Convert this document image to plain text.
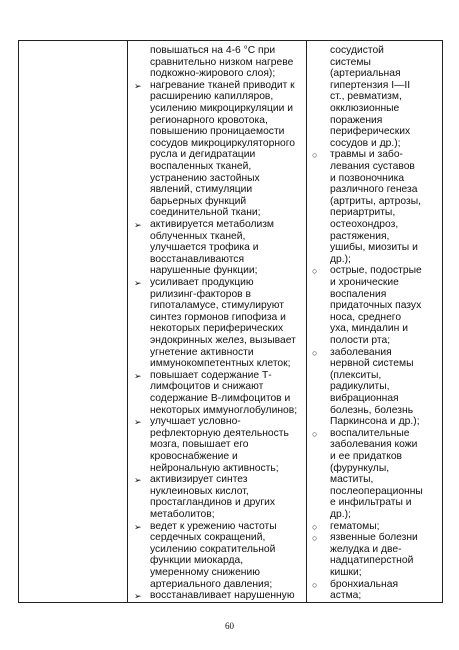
повышаться на 4-6 °С при
сравнительно низком нагреве
подкожно-жирового слоя);
➢ нагревание тканей приводит к
расширению капилляров,
усилению микроциркуляции и
регионарного кровотока,
повышению проницаемости
сосудов микроциркуляторного
русла и дегидратации
воспаленных тканей,
устранению застойных
явлений, стимуляции
барьерных функций
соединительной ткани;
➢ активируется метаболизм
облученных тканей,
улучшается трофика и
восстанавливаются
нарушенные функции;
➢ усиливает продукцию
рилизинг-факторов в
гипоталамусе, стимулируют
синтез гормонов гипофиза и
некоторых периферических
эндокринных желез, вызывает
угнетение активности
иммунокомпетентных клеток;
➢ повышает содержание Т-
лимфоцитов и снижают
содержание В-лимфоцитов и
некоторых иммуноглобулинов;
➢ улучшает условно-
рефлекторную деятельность
мозга, повышает его
кровоснабжение и
нейрональную активность;
➢ активизирует синтез
нуклеиновых кислот,
простагландинов и других
метаболитов;
➢ ведет к урежению частоты
сердечных сокращений,
усилению сократительной
функции миокарда,
умеренному снижению
артериального давления;
➢ восстанавливает нарушенную
сосудистой
системы
(артериальная
гипертензия I—II
ст., ревматизм,
окклюзионные
поражения
периферических
сосудов и др.);
○ травмы и забо-
левания суставов
и позвоночника
различного генеза
(артриты, артрозы,
периартриты,
остеохондроз,
растяжения,
ушибы, миозиты и
др.);
○ острые, подострые
и хронические
воспаления
придаточных пазух
носа, среднего
уха, миндалин и
полости рта;
○ заболевания
нервной системы
(плекситы,
радикулиты,
вибрационная
болезнь, болезнь
Паркинсона и др.);
○ воспалительные
заболевания кожи
и ее придатков
(фурункулы,
маститы,
послеоперационны
е инфильтраты и
др.);
○ гематомы;
○ язвенные болезни
желудка и две-
надцатиперстной
кишки;
○ бронхиальная
астма;
60
